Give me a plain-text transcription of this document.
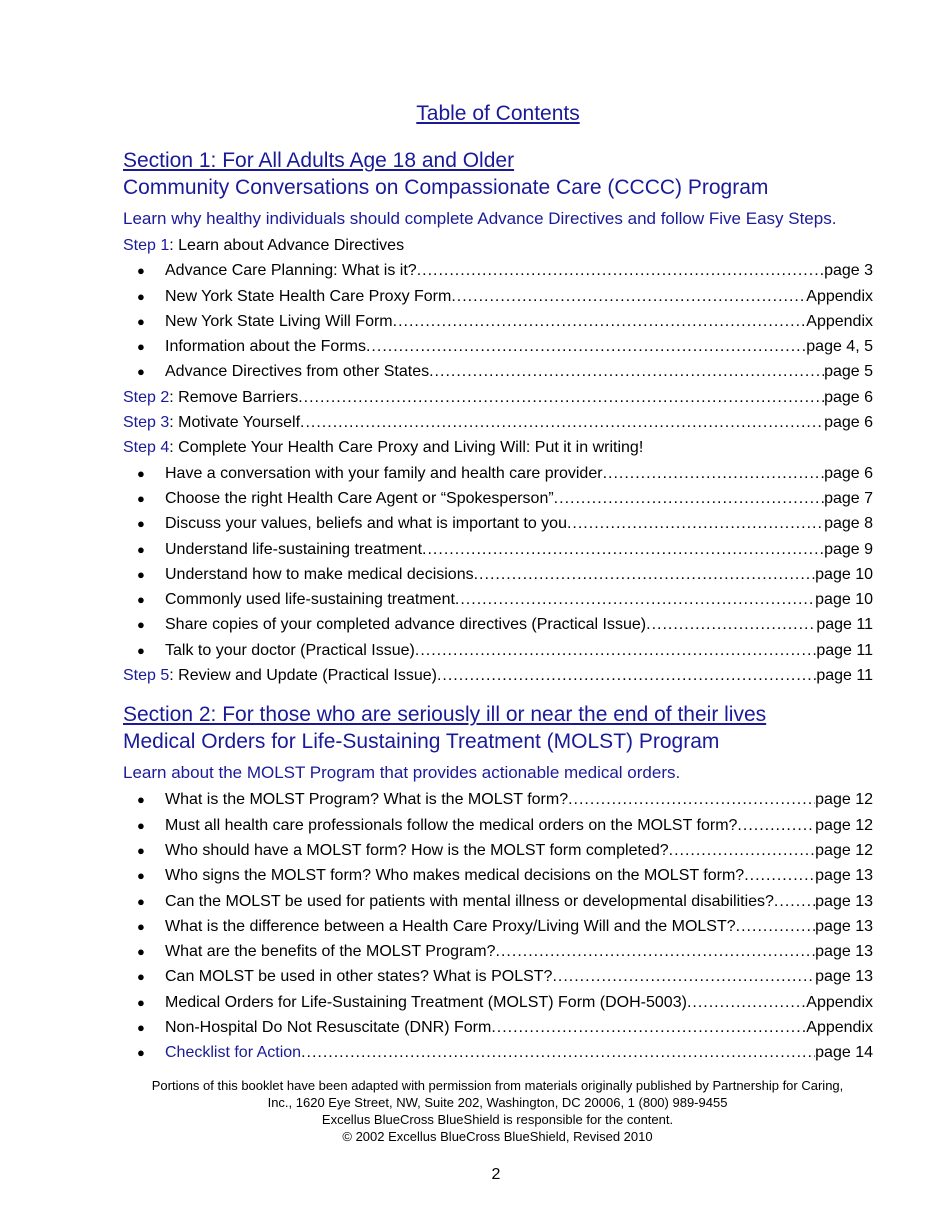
Table of Contents
Section 1: For All Adults Age 18 and Older
Community Conversations on Compassionate Care (CCCC) Program
Learn why healthy individuals should complete Advance Directives and follow Five Easy Steps.
Step 1: Learn about Advance Directives
●	Advance Care Planning: What is it? .....	page 3
●	New York State Health Care Proxy Form .....	Appendix
●	New York State Living Will Form .....	Appendix
●	Information about the Forms .....	page 4, 5
●	Advance Directives from other States .....	page 5
Step 2: Remove Barriers .....	page 6
Step 3: Motivate Yourself .....	page 6
Step 4: Complete Your Health Care Proxy and Living Will: Put it in writing!
●	Have a conversation with your family and health care provider .....	page 6
●	Choose the right Health Care Agent or “Spokesperson” .....	page 7
●	Discuss your values, beliefs and what is important to you .....	page 8
●	Understand life-sustaining treatment .....	page 9
●	Understand how to make medical decisions .....	page 10
●	Commonly used life-sustaining treatment .....	page 10
●	Share copies of your completed advance directives (Practical Issue) .....	page 11
●	Talk to your doctor (Practical Issue) .....	page 11
Step 5: Review and Update (Practical Issue) .....	page 11
Section 2: For those who are seriously ill or near the end of their lives
Medical Orders for Life-Sustaining Treatment (MOLST) Program
Learn about the MOLST Program that provides actionable medical orders.
●	What is the MOLST Program? What is the MOLST form? .....	page 12
●	Must all health care professionals follow the medical orders on the MOLST form? .....	page 12
●	Who should have a MOLST form? How is the MOLST form completed? .....	page 12
●	Who signs the MOLST form? Who makes medical decisions on the MOLST form? .....	page 13
●	Can the MOLST be used for patients with mental illness or developmental disabilities? .....	page 13
●	What is the difference between a Health Care Proxy/Living Will and the MOLST? .....	page 13
●	What are the benefits of the MOLST Program? .....	page 13
●	Can MOLST be used in other states? What is POLST? .....	page 13
●	Medical Orders for Life-Sustaining Treatment (MOLST) Form (DOH-5003) .....	Appendix
●	Non-Hospital Do Not Resuscitate (DNR) Form .....	Appendix
●	Checklist for Action .....	page 14
Portions of this booklet have been adapted with permission from materials originally published by Partnership for Caring,
Inc., 1620 Eye Street, NW, Suite 202, Washington, DC 20006, 1 (800) 989-9455
Excellus BlueCross BlueShield is responsible for the content.
© 2002 Excellus BlueCross BlueShield, Revised 2010
2
